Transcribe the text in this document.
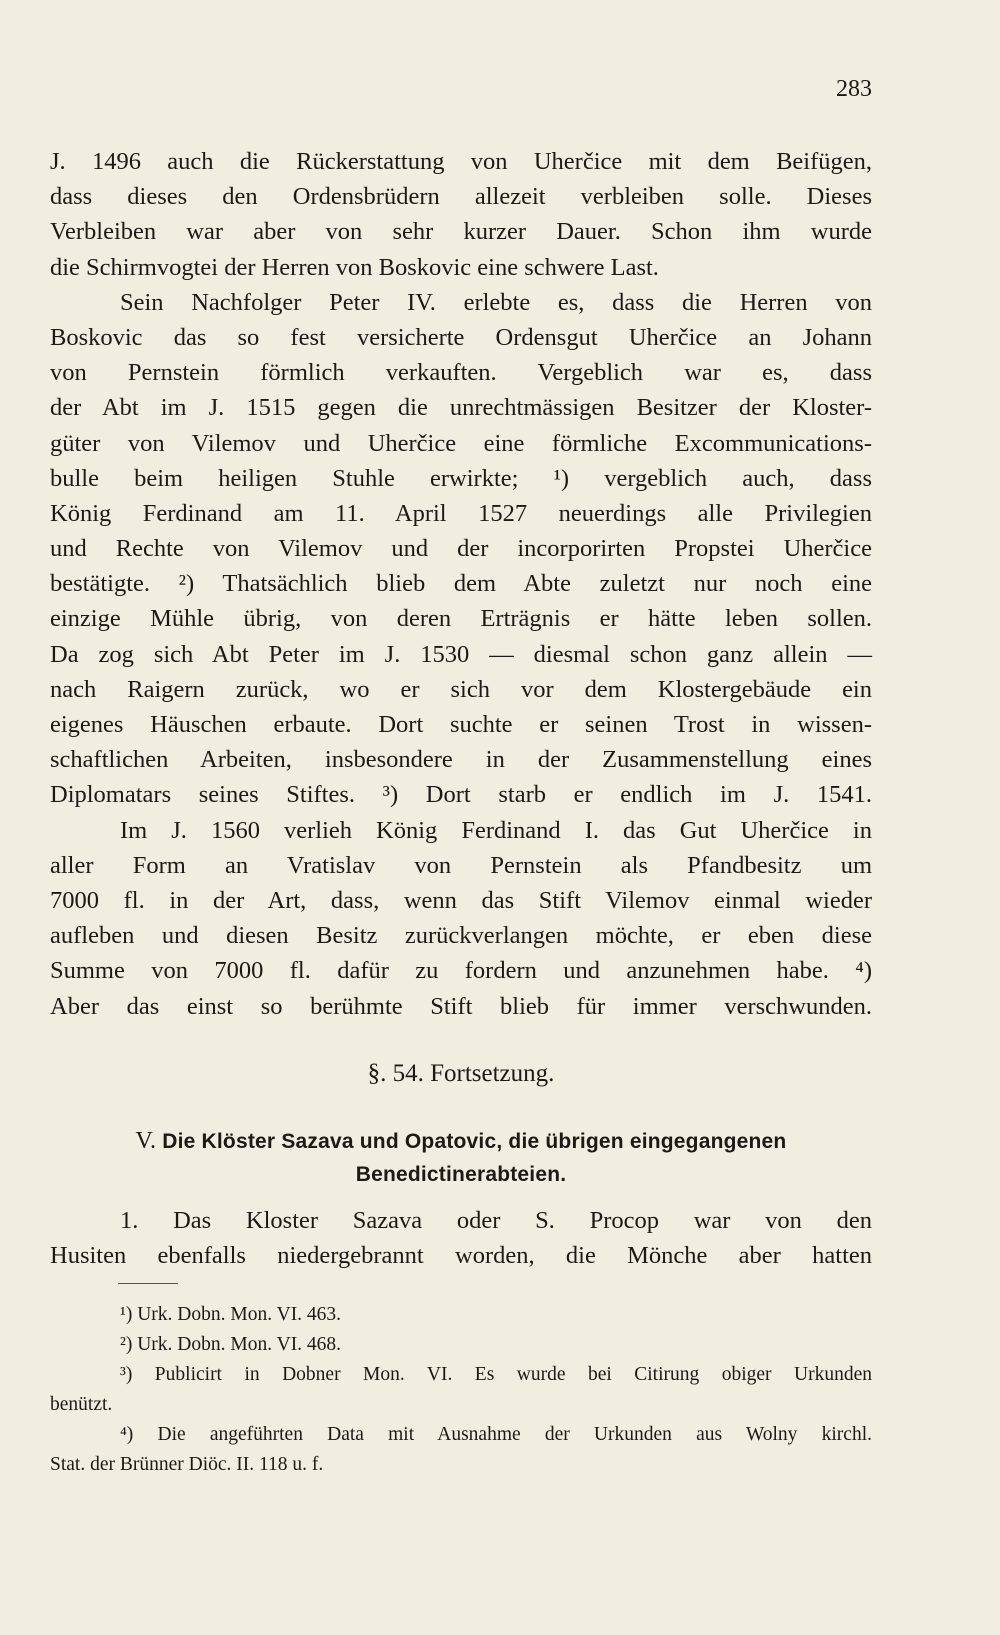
283
J. 1496 auch die Rückerstattung von Uherčice mit dem Beifügen,
dass dieses den Ordensbrüdern allezeit verbleiben solle. Dieses
Verbleiben war aber von sehr kurzer Dauer. Schon ihm wurde
die Schirmvogtei der Herren von Boskovic eine schwere Last.
Sein Nachfolger Peter IV. erlebte es, dass die Herren von
Boskovic das so fest versicherte Ordensgut Uherčice an Johann
von Pernstein förmlich verkauften. Vergeblich war es, dass
der Abt im J. 1515 gegen die unrechtmässigen Besitzer der Kloster-
güter von Vilemov und Uherčice eine förmliche Excommunications-
bulle beim heiligen Stuhle erwirkte; ¹) vergeblich auch, dass
König Ferdinand am 11. April 1527 neuerdings alle Privilegien
und Rechte von Vilemov und der incorporirten Propstei Uherčice
bestätigte. ²) Thatsächlich blieb dem Abte zuletzt nur noch eine
einzige Mühle übrig, von deren Erträgnis er hätte leben sollen.
Da zog sich Abt Peter im J. 1530 — diesmal schon ganz allein —
nach Raigern zurück, wo er sich vor dem Klostergebäude ein
eigenes Häuschen erbaute. Dort suchte er seinen Trost in wissen-
schaftlichen Arbeiten, insbesondere in der Zusammenstellung eines
Diplomatars seines Stiftes. ³) Dort starb er endlich im J. 1541.
Im J. 1560 verlieh König Ferdinand I. das Gut Uherčice in
aller Form an Vratislav von Pernstein als Pfandbesitz um
7000 fl. in der Art, dass, wenn das Stift Vilemov einmal wieder
aufleben und diesen Besitz zurückverlangen möchte, er eben diese
Summe von 7000 fl. dafür zu fordern und anzunehmen habe. ⁴)
Aber das einst so berühmte Stift blieb für immer verschwunden.
§. 54. Fortsetzung.
V. Die Klöster Sazava und Opatovic, die übrigen eingegangenen
Benedictinerabteien.
1. Das Kloster Sazava oder S. Procop war von den
Husiten ebenfalls niedergebrannt worden, die Mönche aber hatten
¹) Urk. Dobn. Mon. VI. 463.
²) Urk. Dobn. Mon. VI. 468.
³) Publicirt in Dobner Mon. VI. Es wurde bei Citirung obiger Urkunden
benützt.
⁴) Die angeführten Data mit Ausnahme der Urkunden aus Wolny kirchl.
Stat. der Brünner Diöc. II. 118 u. f.
